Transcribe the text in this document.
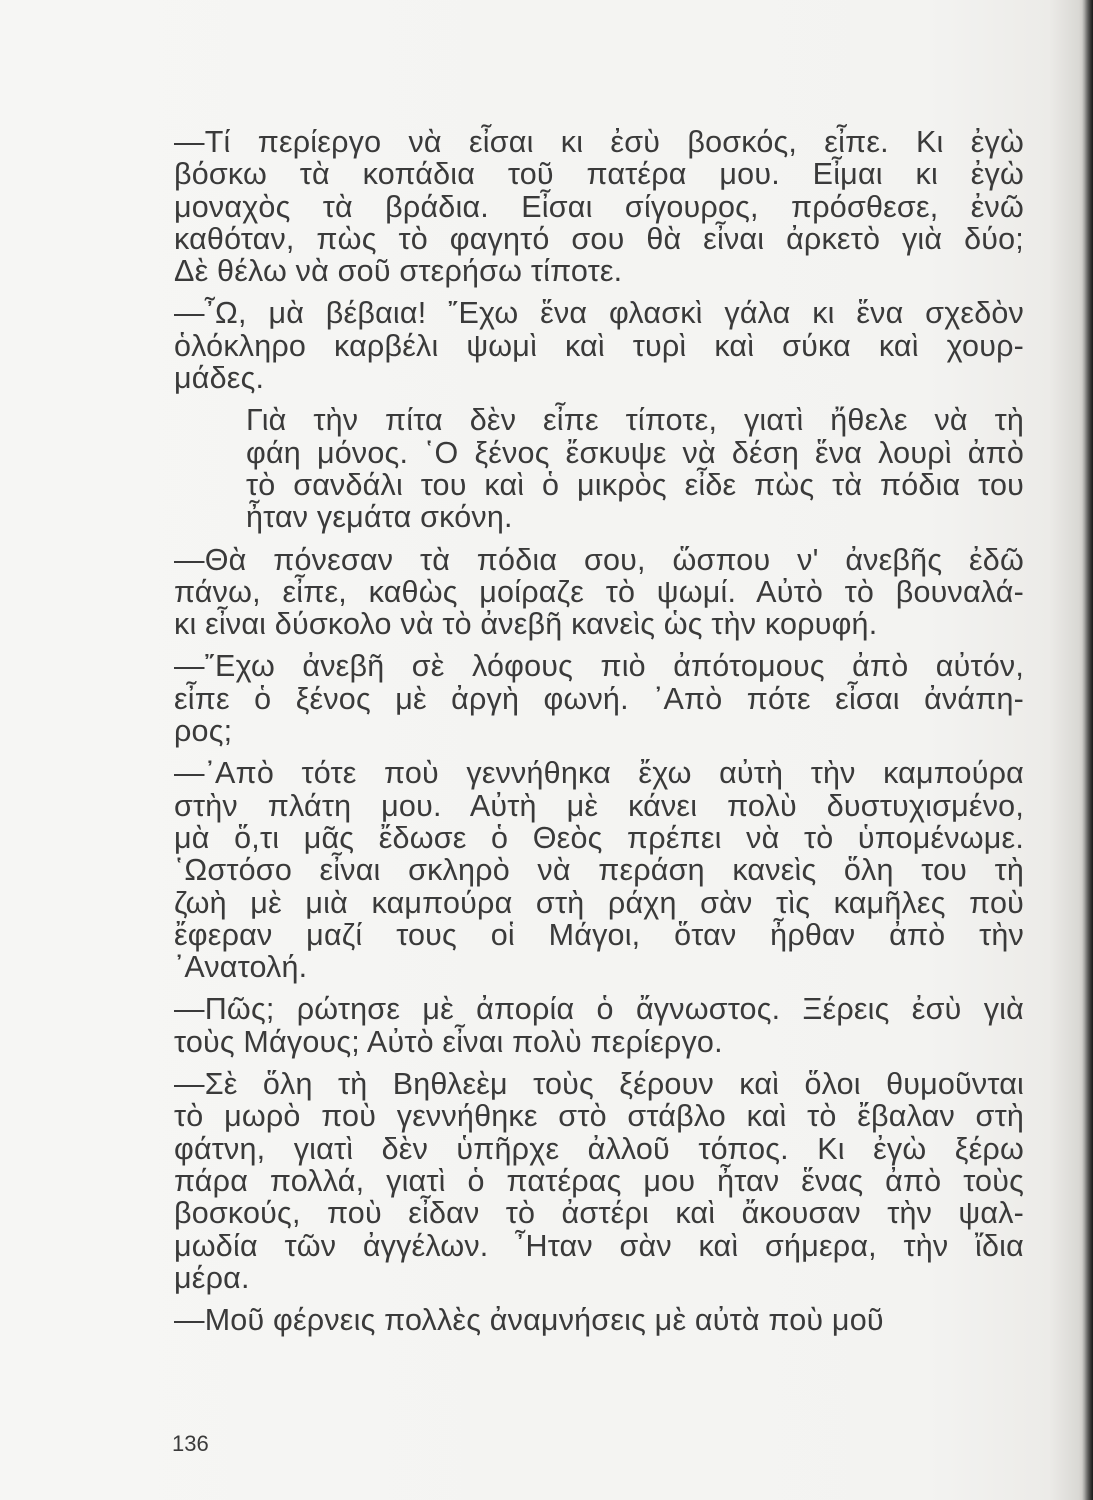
—Τί περίεργο νὰ εἶσαι κι ἐσὺ βοσκός, εἶπε. Κι ἐγὼ
βόσκω τὰ κοπάδια τοῦ πατέρα μου. Εἶμαι κι ἐγὼ
μοναχὸς τὰ βράδια. Εἶσαι σίγουρος, πρόσθεσε, ἐνῶ
καθόταν, πὼς τὸ φαγητό σου θὰ εἶναι ἀρκετὸ γιὰ δύο;
Δὲ θέλω νὰ σοῦ στερήσω τίποτε.

—῏Ω, μὰ βέβαια! ῎Εχω ἕνα φλασκὶ γάλα κι ἕνα σχεδὸν
ὁλόκληρο καρβέλι ψωμὶ καὶ τυρὶ καὶ σύκα καὶ χουρ-
μάδες.

Γιὰ τὴν πίτα δὲν εἶπε τίποτε, γιατὶ ἤθελε νὰ τὴ
φάη μόνος. ῾Ο ξένος ἔσκυψε νὰ δέση ἕνα λουρὶ ἀπὸ
τὸ σανδάλι του καὶ ὁ μικρὸς εἶδε πὼς τὰ πόδια του
ἦταν γεμάτα σκόνη.

—Θὰ πόνεσαν τὰ πόδια σου, ὥσπου ν' ἀνεβῆς ἐδῶ
πάνω, εἶπε, καθὼς μοίραζε τὸ ψωμί. Αὐτὸ τὸ βουναλά-
κι εἶναι δύσκολο νὰ τὸ ἀνεβῆ κανεὶς ὡς τὴν κορυφή.

—῎Εχω ἀνεβῆ σὲ λόφους πιὸ ἀπότομους ἀπὸ αὐτόν,
εἶπε ὁ ξένος μὲ ἀργὴ φωνή. ᾿Απὸ πότε εἶσαι ἀνάπη-
ρος;

—᾿Απὸ τότε ποὺ γεννήθηκα ἔχω αὐτὴ τὴν καμπούρα
στὴν πλάτη μου. Αὐτὴ μὲ κάνει πολὺ δυστυχισμένο,
μὰ ὅ,τι μᾶς ἔδωσε ὁ Θεὸς πρέπει νὰ τὸ ὑπομένωμε.
῾Ωστόσο εἶναι σκληρὸ νὰ περάση κανεὶς ὅλη του τὴ
ζωὴ μὲ μιὰ καμπούρα στὴ ράχη σὰν τὶς καμῆλες ποὺ
ἔφεραν μαζί τους οἱ Μάγοι, ὅταν ἦρθαν ἀπὸ τὴν
᾿Ανατολή.

—Πῶς; ρώτησε μὲ ἀπορία ὁ ἄγνωστος. Ξέρεις ἐσὺ γιὰ
τοὺς Μάγους; Αὐτὸ εἶναι πολὺ περίεργο.

—Σὲ ὅλη τὴ Βηθλεὲμ τοὺς ξέρουν καὶ ὅλοι θυμοῦνται
τὸ μωρὸ ποὺ γεννήθηκε στὸ στάβλο καὶ τὸ ἔβαλαν στὴ
φάτνη, γιατὶ δὲν ὑπῆρχε ἀλλοῦ τόπος. Κι ἐγὼ ξέρω
πάρα πολλά, γιατὶ ὁ πατέρας μου ἦταν ἕνας ἀπὸ τοὺς
βοσκούς, ποὺ εἶδαν τὸ ἀστέρι καὶ ἄκουσαν τὴν ψαλ-
μωδία τῶν ἀγγέλων. ῏Ηταν σὰν καὶ σήμερα, τὴν ἴδια
μέρα.

—Μοῦ φέρνεις πολλὲς ἀναμνήσεις μὲ αὐτὰ ποὺ μοῦ

136
